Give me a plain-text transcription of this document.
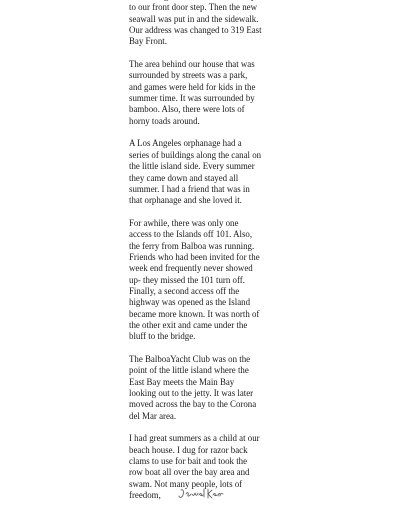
to our front door step. Then the new
seawall was put in and the sidewalk.
Our address was changed to 319 East
Bay Front.

The area behind our house that was
surrounded by streets was a park,
and games were held for kids in the
summer time. It was surrounded by
bamboo. Also, there were lots of
horny toads around.

A Los Angeles orphanage had a
series of buildings along the canal on
the little island side. Every summer
they came down and stayed all
summer. I had a friend that was in
that orphanage and she loved it.

For awhile, there was only one
access to the Islands off 101. Also,
the ferry from Balboa was running.
Friends who had been invited for the
week end frequently never showed
up- they missed the 101 turn off.
Finally, a second access off the
highway was opened as the Island
became more known. It was north of
the other exit and came under the
bluff to the bridge.

The BalboaYacht Club was on the
point of the little island where the
East Bay meets the Main Bay
looking out to the jetty. It was later
moved across the bay to the Corona
del Mar area.

I had great summers as a child at our
beach house. I dug for razor back
clams to use for bait and took the
row boat all over the bay area and
swam. Not many people, lots of
freedom,
